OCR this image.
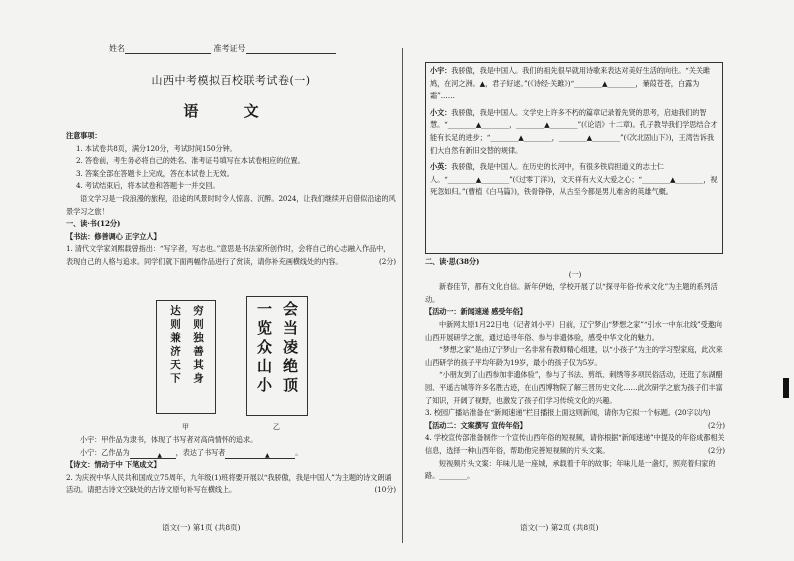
姓名	准考证号
山西中考模拟百校联考试卷(一)
语 文
注意事项：
1. 本试卷共8页，满分120分，考试时间150分钟。
2. 答卷前，考生务必将自己的姓名、准考证号填写在本试卷相应的位置。
3. 答案全部在答题卡上完成，答在本试卷上无效。
4. 考试结束后，将本试卷和答题卡一并交回。
语文学习是一段浪漫的旅程，沿途的风景时时令人惊喜、沉醉。2024，让我们继续开启借似沿途的风景学习之旅！
一、读·书(12分)
【书法：修善调心 正字立人】
1. 清代文学家刘熙载曾指出：“写字者，写志也。”意思是书法家所创作时，会将自己的心志融入作品中，表现自己的人格与追求。同学们就下面两幅作品进行了赏读，请你补充画横线处的内容。	(2分)
穷则独善其身
达则兼济天下
甲
会当凌绝顶
一览众山小
乙
小宇：甲作品为隶书，体现了书写者对高尚情怀的追求。
小宁：乙作品为	▲ ，表达了书写者	▲	。
【诗文：情动于中 下笔成文】
2. 为庆祝中华人民共和国成立75周年，九年级(1)班将要开展以“我骄傲，我是中国人”为主题的诗文朗诵活动。请把古诗文空缺处的古诗文原句补写在横线上。	(10分)
小宇：我骄傲，我是中国人。我们的祖先很早就用诗歌来表达对美好生活的向往。“关关雎鸠，在河之洲。▲，君子好逑。”(《诗经·关雎》)“________▲________，蒹葭苍苍，白露为霜”……
小文：我骄傲，我是中国人。文学史上许多不朽的篇章记录着先贤的思考，启迪我们的智慧。“________▲________，________▲________”(《论语》十二章)。孔子教导我们学思结合才能有长足的进步；“________▲________，________▲________”(《次北固山下》)，王湾告诉我们大自然有新旧交替的规律。
小英：我骄傲，我是中国人。在历史的长河中，有很多铁肩担道义的志士仁人。“________▲________”(《过零丁洋》)，文天祥有大义大爱之心；“________▲________，视死忽如归。”(曹植《白马篇》)，铁骨铮铮，从古至今都是男儿难舍的英雄气概。
二、读·思(38分)
(一)
新春佳节，都有文化自信。新年伊始，学校开展了以“探寻年俗·传承文化”为主题的系列活动。
【活动一：新闻速递 感受年俗】
中新网太原1月22日电（记者刘小平）日前，辽宁梦山“梦想之家”“引水一中东北线”受邀向山西开展研学之旅，通过追寻年俗、参与非遗体验，感受中华文化的魅力。
“梦想之家”是由辽宁梦山一名非常有教师精心组建，以“小孩子”为主的学习型家庭，此次来山西研学的孩子平均年龄为19岁，最小的孩子仅为5岁。
“小朋友到了山西参加非遗体验”，参与了书法、剪纸、刺绣等多项民俗活动，还逛了东湖醋园、平遥古城等许多名胜古迹，在山西博物院了解三晋历史文化……此次研学之旅为孩子们丰富了知识，开阔了视野，也激发了孩子们学习传统文化的兴趣。
3. 校园广播站准备在“新闻速递”栏目播报上面这则新闻，请你为它拟一个标题。(20字以内)
(2分)
【活动二：文案撰写 宣传年俗】
4. 学校宣传部准备制作一个宣传山西年俗的短视频，请你根据“新闻速递”中提及的年俗成都相关信息，选择一种山西年俗，帮助他完善短视频的片头文案。	(2分)
短视频片头文案：年味儿是一座城，承载着千年的故事；年味儿是一盏灯，照亮着归家的路。________。
语文(一) 第1页 (共8页)	语文(一) 第2页 (共8页)
